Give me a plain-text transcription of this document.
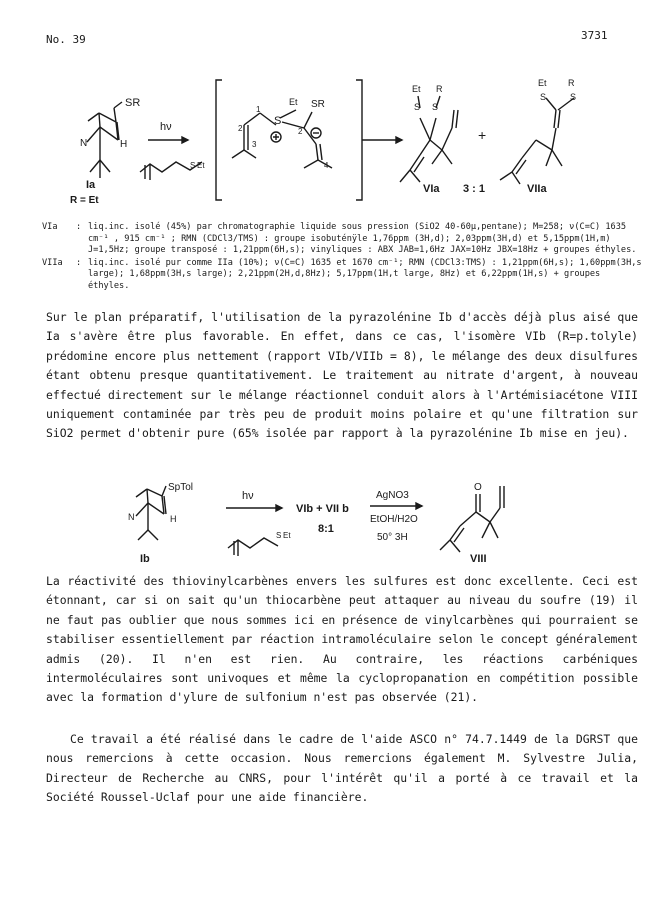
No. 39	3731
SR
H
N
Ia
R = Et
hν
S Et
1
2
3
4
2
S
Et SR
Et R
S S
VIa 3 : 1
+
Et R
S	S
VIIa
VIa	: liq.inc. isolé (45%) par chromatographie liquide sous pression (SiO2 40-60μ,pentane); M=258; ν(C=C) 1635 cm⁻¹ , 915 cm⁻¹ ; RMN (CDCl3/TMS) : groupe isobuténÿle 1,76ppm (3H,d); 2,03ppm(3H,d) et 5,15ppm(1H,m) J=1,5Hz; groupe transposé : 1,21ppm(6H,s); vinyliques : ABX JAB=1,6Hz JAX=10Hz JBX=18Hz + groupes éthyles.
VIIa	: liq.inc. isolé pur comme IIa (10%); ν(C=C) 1635 et 1670 cm⁻¹; RMN (CDCl3:TMS) : 1,21ppm(6H,s); 1,60ppm(3H,s large); 1,68ppm(3H,s large); 2,21ppm(2H,d,8Hz); 5,17ppm(1H,t large, 8Hz) et 6,22ppm(1H,s) + groupes éthyles.
Sur le plan préparatif, l'utilisation de la pyrazolénine Ib d'accès déjà plus aisé que Ia s'avère être plus favorable. En effet, dans ce cas, l'isomère VIb (R=p.tolyle) prédomine encore plus nettement (rapport VIb/VIIb = 8), le mélange des deux disulfures étant obtenu presque quantitativement. Le traitement au nitrate d'argent, à nouveau effectué directement sur le mélange réactionnel conduit alors à l'Artémisiacétone VIII uniquement contaminée par très peu de produit moins polaire et qu'une filtration sur SiO2 permet d'obtenir pure (65% isolée par rapport à la pyrazolénine Ib mise en jeu).
SpTol
H
N
Ib
hν
S Et
VIb + VII b
8:1
AgNO3
EtOH/H2O
50° 3H
O
VIII
La réactivité des thiovinylcarbènes envers les sulfures est donc excellente. Ceci est étonnant, car si on sait qu'un thiocarbène peut attaquer au niveau du soufre (19) il ne faut pas oublier que nous sommes ici en présence de vinylcarbènes qui pourraient se stabiliser essentiellement par réaction intramoléculaire selon le concept généralement admis (20). Il n'en est rien. Au contraire, les réactions carbéniques intermoléculaires sont univoques et même la cyclopropanation en compétition possible avec la formation d'ylure de sulfonium n'est pas observée (21).
Ce travail a été réalisé dans le cadre de l'aide ASCO n° 74.7.1449 de la DGRST que nous remercions à cette occasion. Nous remercions également M. Sylvestre Julia, Directeur de Recherche au CNRS, pour l'intérêt qu'il a porté à ce travail et la Société Roussel-Uclaf pour une aide financière.
